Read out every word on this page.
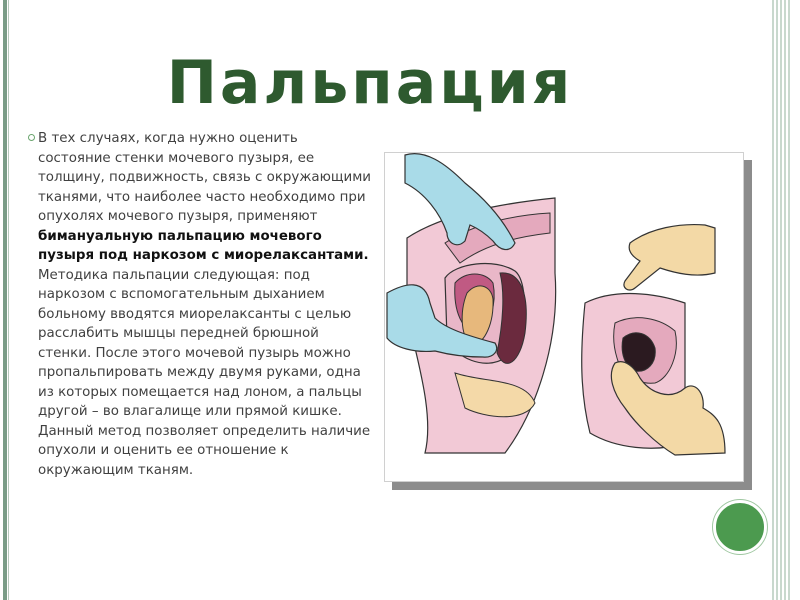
Пальпация
В тех случаях, когда нужно оценить состояние стенки мочевого пузыря, ее толщину, подвижность, связь с окружающими тканями, что наиболее часто необходимо при опухолях мочевого пузыря, применяют бимануальную пальпацию мочевого пузыря под наркозом с миорелаксантами. Методика пальпации следующая: под наркозом с вспомогательным дыханием больному вводятся миорелаксанты с целью расслабить мышцы передней брюшной стенки. После этого мочевой пузырь можно пропальпировать между двумя руками, одна из которых помещается над лоном, а пальцы другой – во влагалище или прямой кишке. Данный метод позволяет определить наличие опухоли и оценить ее отношение к окружающим тканям.
